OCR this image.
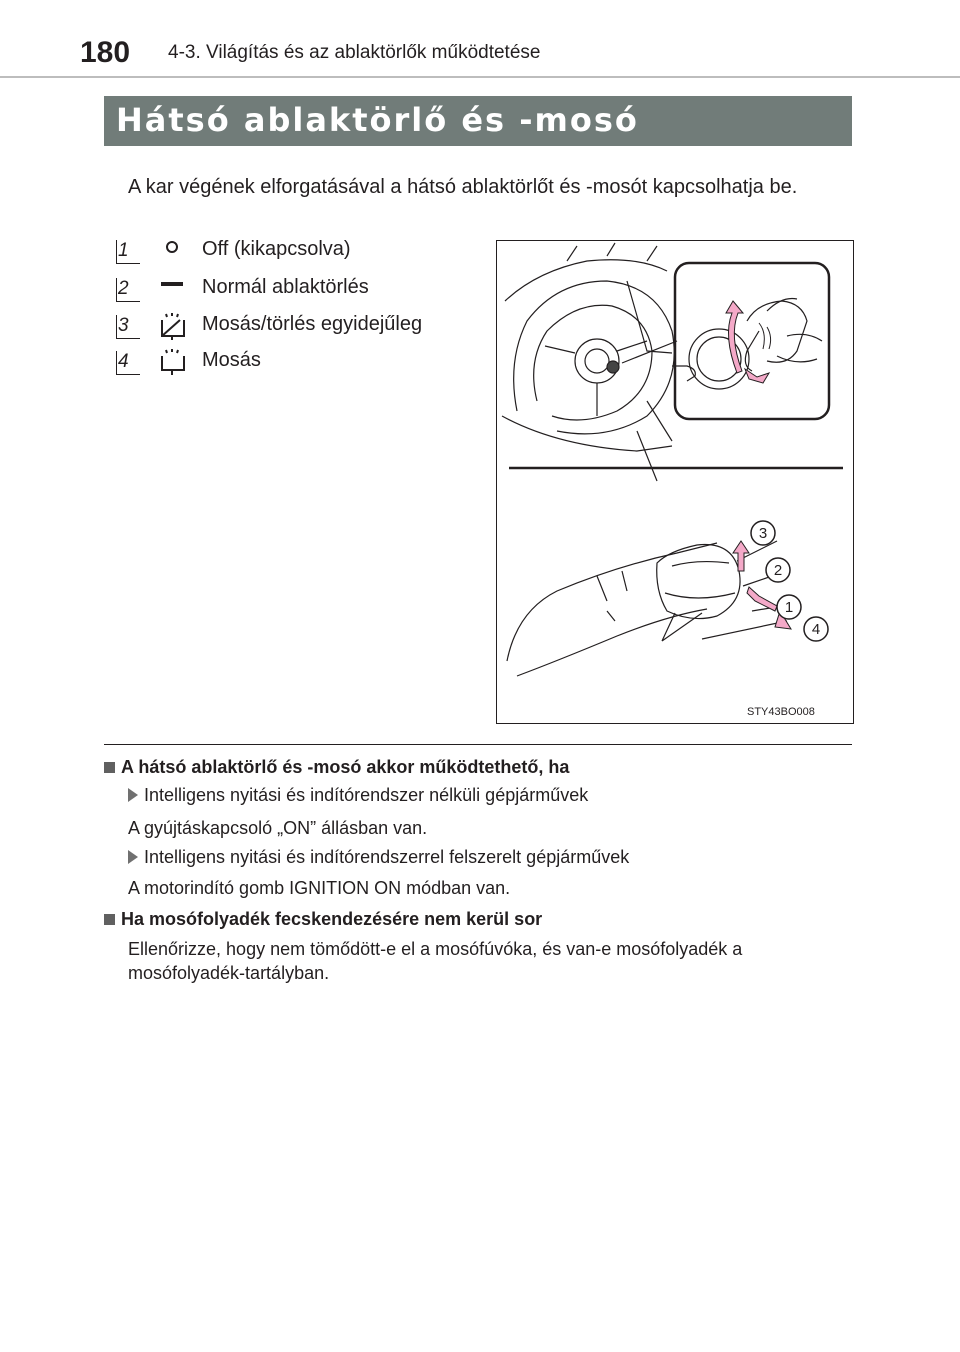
180 4-3. Világítás és az ablaktörlők működtetése
Hátsó ablaktörlő és -mosó
A kar végének elforgatásával a hátsó ablaktörlőt és -mosót kapcsolhatja be.
1	Off (kikapcsolva)
2	Normál ablaktörlés
3	Mosás/törlés egyidejűleg
4	Mosás
3
2
1
4
STY43BO008
A hátsó ablaktörlő és -mosó akkor működtethető, ha
Intelligens nyitási és indítórendszer nélküli gépjárművek
A gyújtáskapcsoló „ON” állásban van.
Intelligens nyitási és indítórendszerrel felszerelt gépjárművek
A motorindító gomb IGNITION ON módban van.
Ha mosófolyadék fecskendezésére nem kerül sor
Ellenőrizze, hogy nem tömődött-e el a mosófúvóka, és van-e mosófolyadék a mosófolyadék-tartályban.
